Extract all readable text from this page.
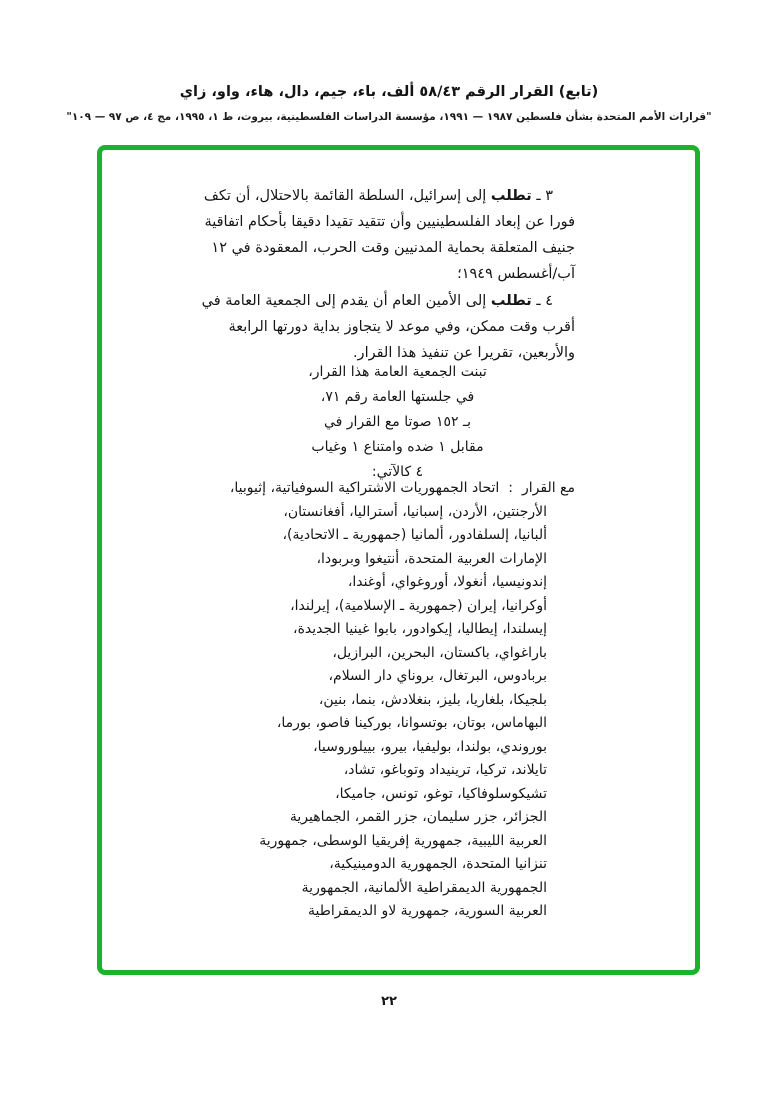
(تابع) القرار الرقم ٥٨/٤٣ ألف، باء، جيم، دال، هاء، واو، زاي
"قرارات الأمم المتحدة بشأن فلسطين ١٩٨٧ — ١٩٩١، مؤسسة الدراسات الفلسطينية، بيروت، ط ١، ١٩٩٥، مج ٤، ص ٩٧ — ١٠٩"
٣ ـ تطلب إلى إسرائيل، السلطة القائمة بالاحتلال، أن تكف
فورا عن إبعاد الفلسطينيين وأن تتقيد تقيدا دقيقا بأحكام اتفاقية
جنيف المتعلقة بحماية المدنيين وقت الحرب، المعقودة في ١٢
آب/أغسطس ١٩٤٩؛
٤ ـ تطلب إلى الأمين العام أن يقدم إلى الجمعية العامة في
أقرب وقت ممكن، وفي موعد لا يتجاوز بداية دورتها الرابعة
والأربعين، تقريرا عن تنفيذ هذا القرار.
تبنت الجمعية العامة هذا القرار،
في جلستها العامة رقم ٧١،
بـ ١٥٢ صوتا مع القرار في
مقابل ١ ضده وامتناع ١ وغياب
٤ كالآتي:
مع القرار:اتحاد الجمهوريات الاشتراكية السوفياتية، إثيوبيا،
الأرجنتين، الأردن، إسبانيا، أستراليا، أفغانستان،
ألبانيا، إلسلفادور، ألمانيا (جمهورية ـ الاتحادية)،
الإمارات العربية المتحدة، أنتيغوا وبربودا،
إندونيسيا، أنغولا، أوروغواي، أوغندا،
أوكرانيا، إيران (جمهورية ـ الإسلامية)، إيرلندا،
إيسلندا، إيطاليا، إيكوادور، بابوا غينيا الجديدة،
باراغواي، باكستان، البحرين، البرازيل،
بربادوس، البرتغال، بروناي دار السلام،
بلجيكا، بلغاريا، بليز، بنغلادش، بنما، بنين،
البهاماس، بوتان، بوتسوانا، بوركينا فاصو، بورما،
بوروندي، بولندا، بوليفيا، بيرو، بييلوروسيا،
تايلاند، تركيا، ترينيداد وتوباغو، تشاد،
تشيكوسلوفاكيا، توغو، تونس، جاميكا،
الجزائر، جزر سليمان، جزر القمر، الجماهيرية
العربية الليبية، جمهورية إفريقيا الوسطى، جمهورية
تنزانيا المتحدة، الجمهورية الدومينيكية،
الجمهورية الديمقراطية الألمانية، الجمهورية
العربية السورية، جمهورية لاو الديمقراطية
٢٢
